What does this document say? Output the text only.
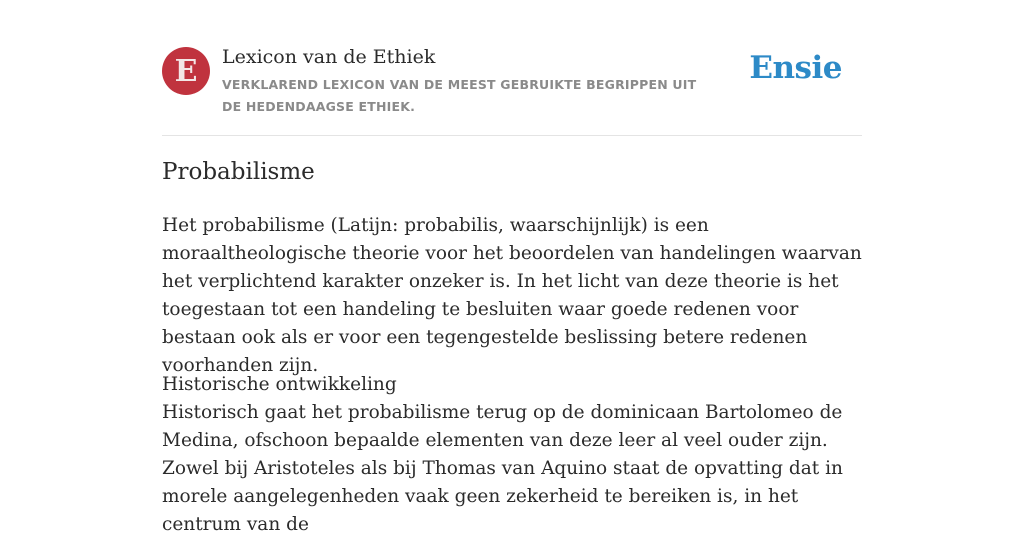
E Lexicon van de Ethiek
VERKLAREND LEXICON VAN DE MEEST GEBRUIKTE BEGRIPPEN UIT DE HEDENDAAGSE ETHIEK.
Ensie
Probabilisme

Het probabilisme (Latijn: probabilis, waarschijnlijk) is een moraaltheologische theorie voor het beoordelen van handelingen waarvan het verplichtend karakter onzeker is. In het licht van deze theorie is het toegestaan tot een handeling te besluiten waar goede redenen voor bestaan ook als er voor een tegengestelde beslissing betere redenen voorhanden zijn.

Historische ontwikkeling

Historisch gaat het probabilisme terug op de dominicaan Bartolomeo de Medina, ofschoon bepaalde elementen van deze leer al veel ouder zijn. Zowel bij Aristoteles als bij Thomas van Aquino staat de opvatting dat in morele aangelegenheden vaak geen zekerheid te bereiken is, in het centrum van de
